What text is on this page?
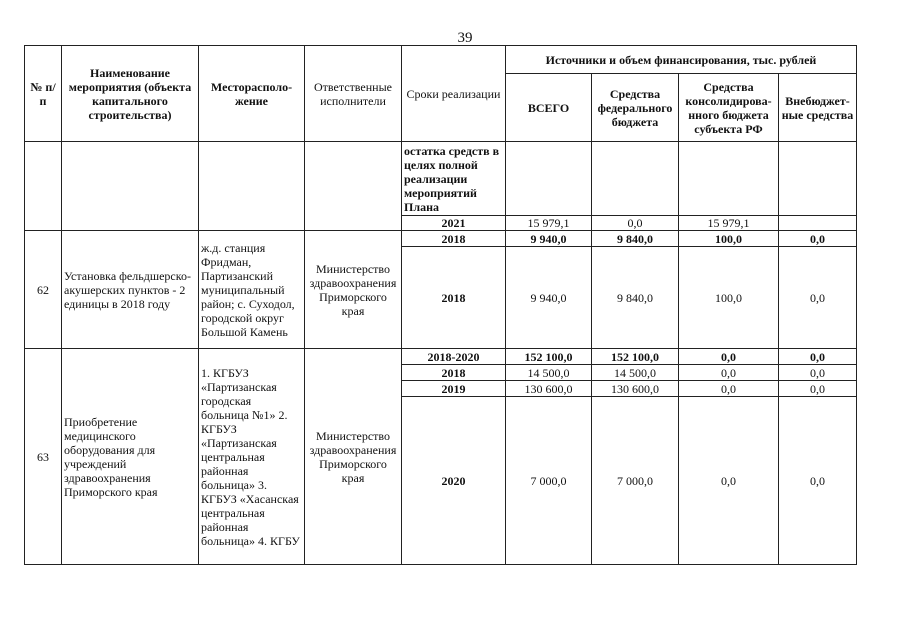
39
№ п/п	Наименование мероприятия (объекта капитального строительства)	Месторасполо-жение	Ответственные исполнители	Сроки реализации	Источники и объем финансирования, тыс. рублей			
					ВСЕГО	Средства федерального бюджета	Средства консолидирова-нного бюджета субъекта РФ	Внебюджет-ные средства
				остатка средств в целях полной реализации мероприятий Плана				
				2021	15 979,1	0,0	15 979,1	
62	Установка фельдшерско-акушерских пунктов - 2 единицы в 2018 году	ж.д. станция Фридман, Партизанский муниципальный район; с. Суходол, городской округ Большой Камень	Министерство здравоохранения Приморского края	2018	9 940,0	9 840,0	100,0	0,0
				2018	9 940,0	9 840,0	100,0	0,0
63	Приобретение медицинского оборудования для учреждений здравоохранения Приморского края	1. КГБУЗ «Партизанская городская больница №1» 2. КГБУЗ «Партизанская центральная районная больница» 3. КГБУЗ «Хасанская центральная районная больница» 4. КГБУ	Министерство здравоохранения Приморского края	2018-2020	152 100,0	152 100,0	0,0	0,0
				2018	14 500,0	14 500,0	0,0	0,0
				2019	130 600,0	130 600,0	0,0	0,0
				2020	7 000,0	7 000,0	0,0	0,0
